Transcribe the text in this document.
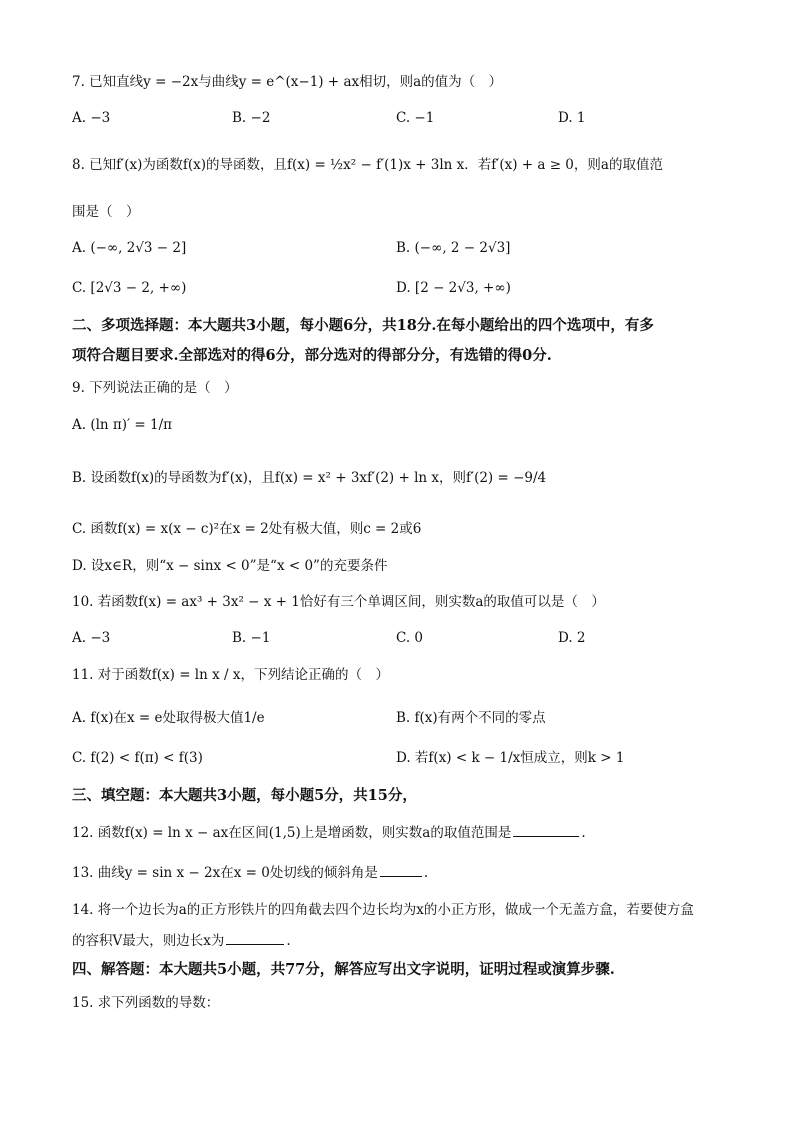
7. 已知直线y = −2x与曲线y = e^(x−1) + ax相切，则a的值为（　）
A. −3	B. −2	C. −1	D. 1
8. 已知f′(x)为函数f(x)的导函数，且f(x) = ½x² − f′(1)x + 3ln x．若f′(x) + a ≥ 0，则a的取值范
围是（　）
A. (−∞, 2√3 − 2]	B. (−∞, 2 − 2√3]
C. [2√3 − 2, +∞)	D. [2 − 2√3, +∞)
二、多项选择题：本大题共3小题，每小题6分，共18分.在每小题给出的四个选项中，有多
项符合题目要求.全部选对的得6分，部分选对的得部分分，有选错的得0分.
9. 下列说法正确的是（　）
A. (ln π)′ = 1/π
B. 设函数f(x)的导函数为f′(x)，且f(x) = x² + 3xf′(2) + ln x，则f′(2) = −9/4
C. 函数f(x) = x(x − c)²在x = 2处有极大值，则c = 2或6
D. 设x∈R，则“x − sinx < 0”是“x < 0”的充要条件
10. 若函数f(x) = ax³ + 3x² − x + 1恰好有三个单调区间，则实数a的取值可以是（　）
A. −3	B. −1	C. 0	D. 2
11. 对于函数f(x) = ln x / x，下列结论正确的（　）
A. f(x)在x = e处取得极大值1/e	B. f(x)有两个不同的零点
C. f(2) < f(π) < f(3)	D. 若f(x) < k − 1/x恒成立，则k > 1
三、填空题：本大题共3小题，每小题5分，共15分，
12. 函数f(x) = ln x − ax在区间(1,5)上是增函数，则实数a的取值范围是	.
13. 曲线y = sin x − 2x在x = 0处切线的倾斜角是	.
14. 将一个边长为a的正方形铁片的四角截去四个边长均为x的小正方形，做成一个无盖方盒，若要使方盒
的容积V最大，则边长x为	.
四、解答题：本大题共5小题，共77分，解答应写出文字说明，证明过程或演算步骤.
15. 求下列函数的导数：
